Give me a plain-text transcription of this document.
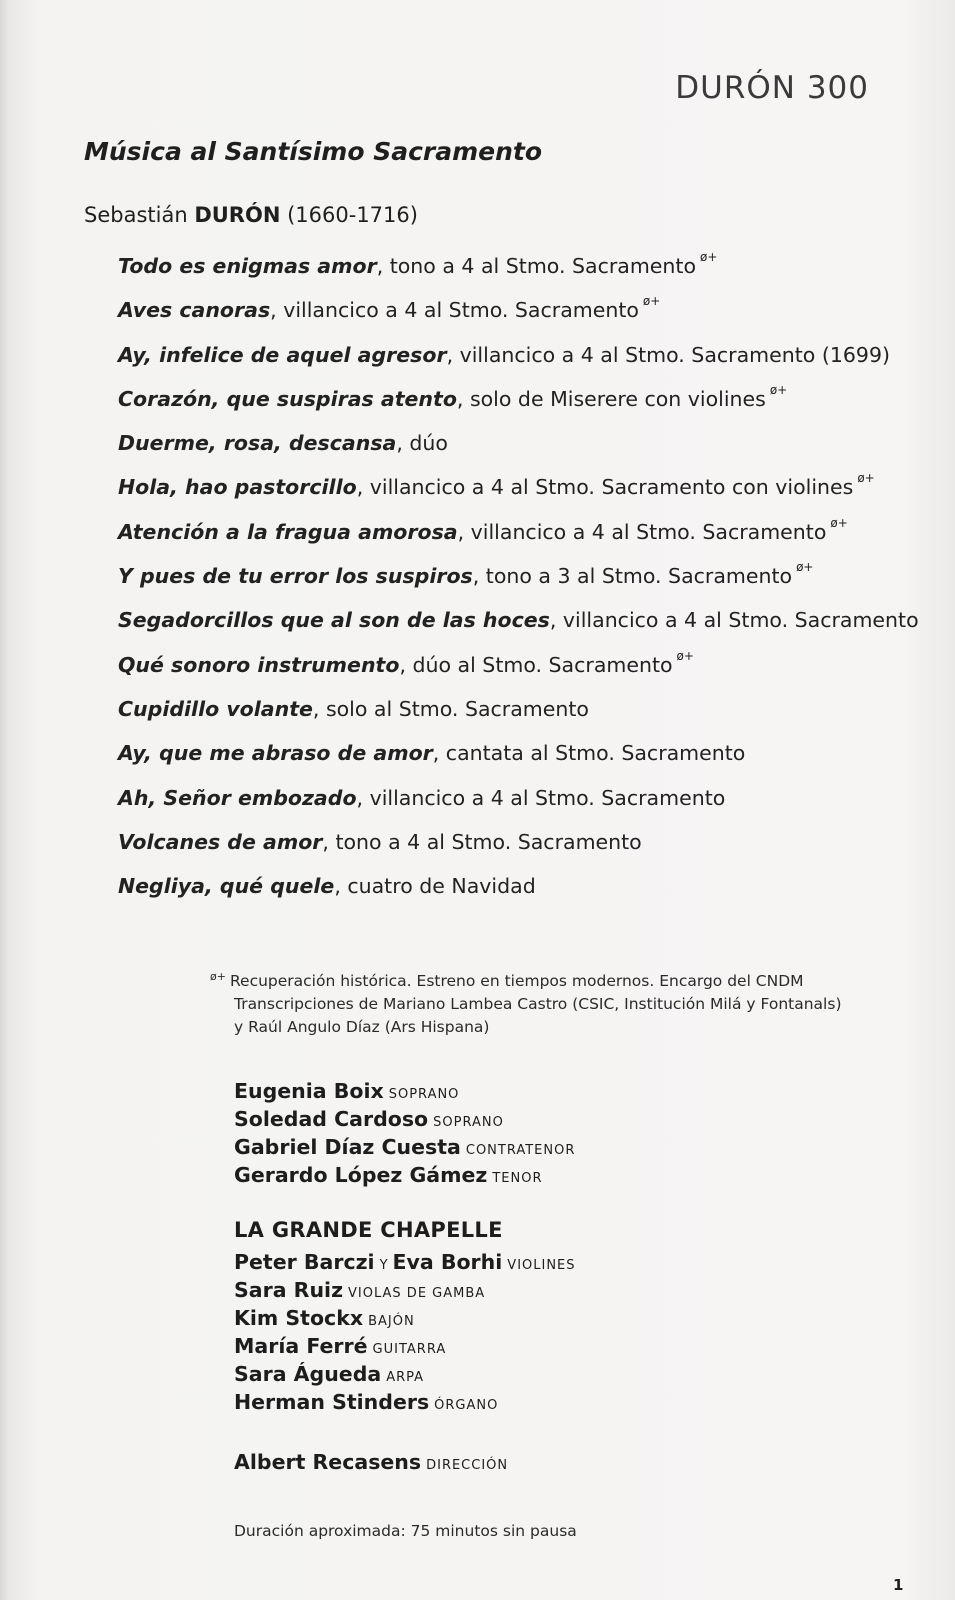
DURÓN 300
Música al Santísimo Sacramento
Sebastián DURÓN (1660-1716)
Todo es enigmas amor, tono a 4 al Stmo. Sacramento $^{ø+}$
Aves canoras, villancico a 4 al Stmo. Sacramento $^{ø+}$
Ay, infelice de aquel agresor, villancico a 4 al Stmo. Sacramento (1699)
Corazón, que suspiras atento, solo de Miserere con violines $^{ø+}$
Duerme, rosa, descansa, dúo
Hola, hao pastorcillo, villancico a 4 al Stmo. Sacramento con violines $^{ø+}$
Atención a la fragua amorosa, villancico a 4 al Stmo. Sacramento $^{ø+}$
Y pues de tu error los suspiros, tono a 3 al Stmo. Sacramento $^{ø+}$
Segadorcillos que al son de las hoces, villancico a 4 al Stmo. Sacramento
Qué sonoro instrumento, dúo al Stmo. Sacramento $^{ø+}$
Cupidillo volante, solo al Stmo. Sacramento
Ay, que me abraso de amor, cantata al Stmo. Sacramento
Ah, Señor embozado, villancico a 4 al Stmo. Sacramento
Volcanes de amor, tono a 4 al Stmo. Sacramento
Negliya, qué quele, cuatro de Navidad
$^{ø+}$ Recuperación histórica. Estreno en tiempos modernos. Encargo del CNDM
Transcripciones de Mariano Lambea Castro (CSIC, Institución Milá y Fontanals)
y Raúl Angulo Díaz (Ars Hispana)
Eugenia Boix SOPRANO
Soledad Cardoso SOPRANO
Gabriel Díaz Cuesta CONTRATENOR
Gerardo López Gámez TENOR
LA GRANDE CHAPELLE
Peter Barczi Y Eva Borhi VIOLINES
Sara Ruiz VIOLAS DE GAMBA
Kim Stockx BAJÓN
María Ferré GUITARRA
Sara Águeda ARPA
Herman Stinders ÓRGANO
Albert Recasens DIRECCIÓN
Duración aproximada: 75 minutos sin pausa
1
